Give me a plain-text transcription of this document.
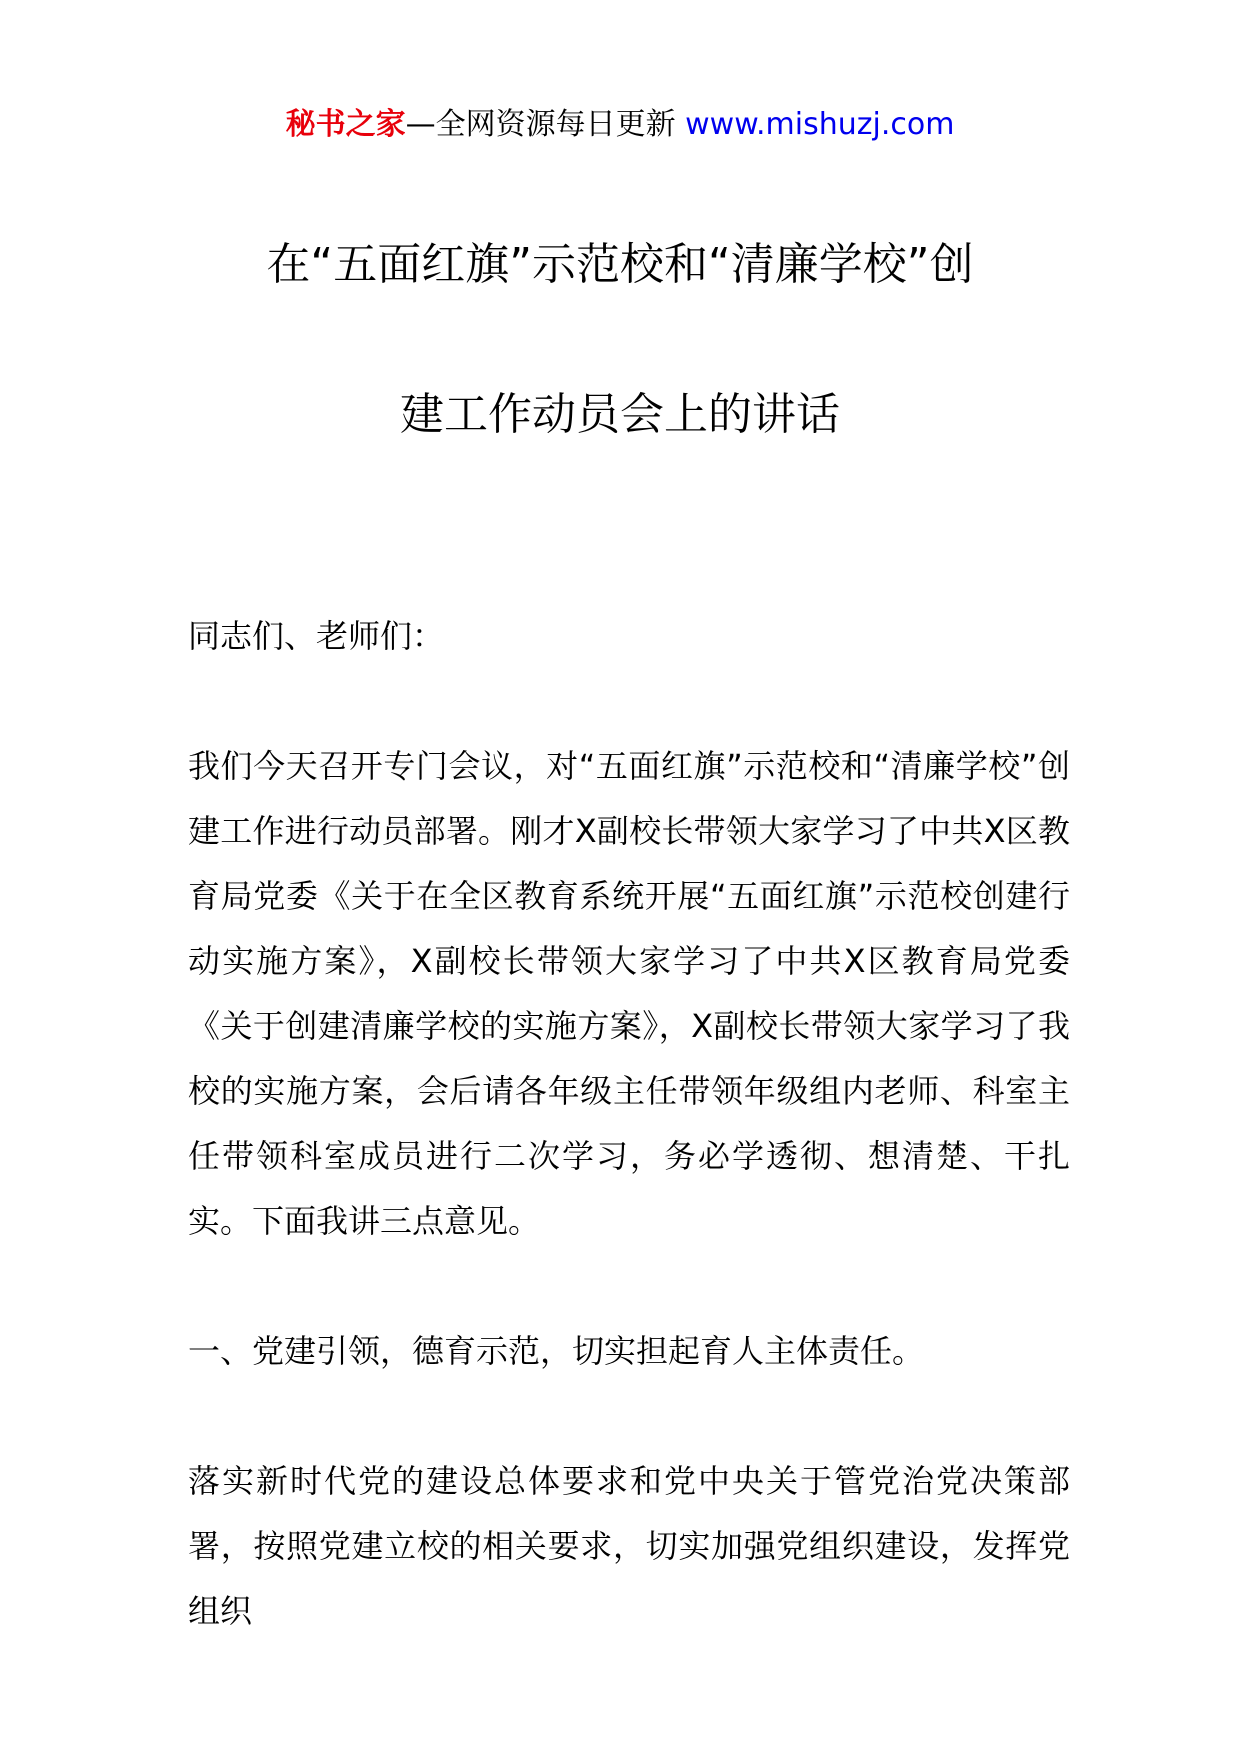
秘书之家—全网资源每日更新 www.mishuzj.com
在“五面红旗”示范校和“清廉学校”创
建工作动员会上的讲话

同志们、老师们：

我们今天召开专门会议，对“五面红旗”示范校和“清廉学校”创建工作进行动员部署。刚才X副校长带领大家学习了中共X区教育局党委《关于在全区教育系统开展“五面红旗”示范校创建行动实施方案》，X副校长带领大家学习了中共X区教育局党委《关于创建清廉学校的实施方案》，X副校长带领大家学习了我校的实施方案，会后请各年级主任带领年级组内老师、科室主任带领科室成员进行二次学习，务必学透彻、想清楚、干扎实。下面我讲三点意见。

一、党建引领，德育示范，切实担起育人主体责任。

落实新时代党的建设总体要求和党中央关于管党治党决策部署，按照党建立校的相关要求，切实加强党组织建设，发挥党组织
